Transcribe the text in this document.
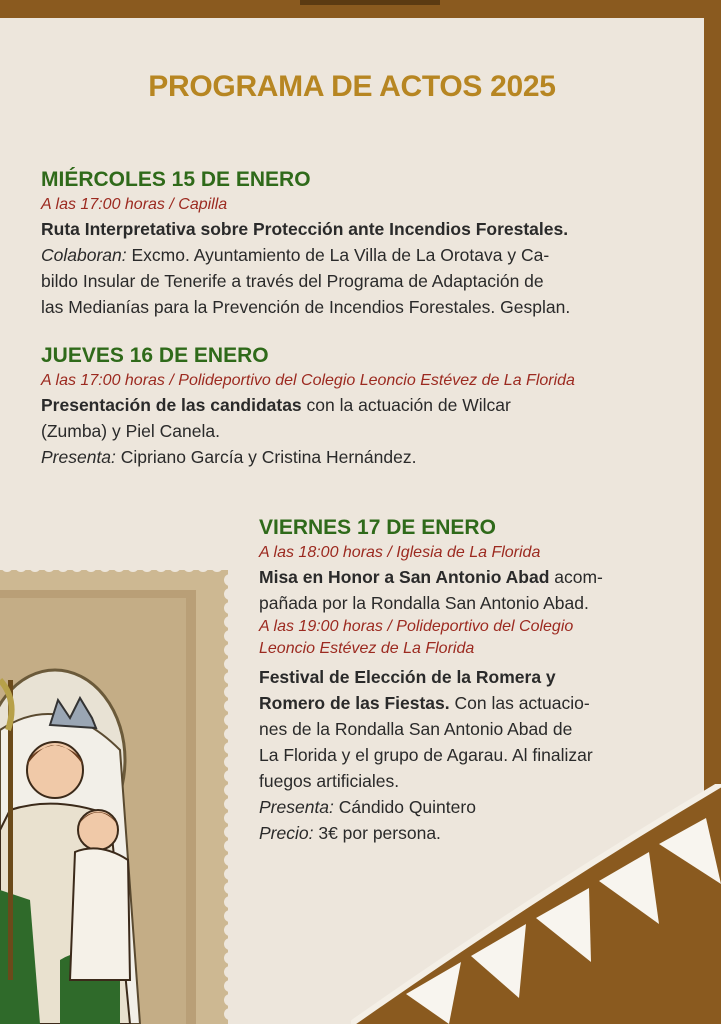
PROGRAMA DE ACTOS 2025

MIÉRCOLES 15 DE ENERO

A las 17:00 horas / Capilla

Ruta Interpretativa sobre Protección ante Incendios Forestales.

Colaboran: Excmo. Ayuntamiento de La Villa de La Orotava y Ca-

bildo Insular de Tenerife a través del Programa de Adaptación de

las Medianías para la Prevención de Incendios Forestales. Gesplan.

JUEVES 16 DE ENERO

A las 17:00 horas / Polideportivo del Colegio Leoncio Estévez de La Florida

Presentación de las candidatas con la actuación de Wilcar

(Zumba) y Piel Canela.

Presenta: Cipriano García y Cristina Hernández.

VIERNES 17 DE ENERO

A las 18:00 horas / Iglesia de La Florida

Misa en Honor a San Antonio Abad acom-

pañada por la Rondalla San Antonio Abad.

A las 19:00 horas / Polideportivo del Colegio

Leoncio Estévez de La Florida

Festival de Elección de la Romera y

Romero de las Fiestas. Con las actuacio-

nes de la Rondalla San Antonio Abad de

La Florida y el grupo de Agarau. Al finalizar

fuegos artificiales.

Presenta: Cándido Quintero

Precio: 3€ por persona.
